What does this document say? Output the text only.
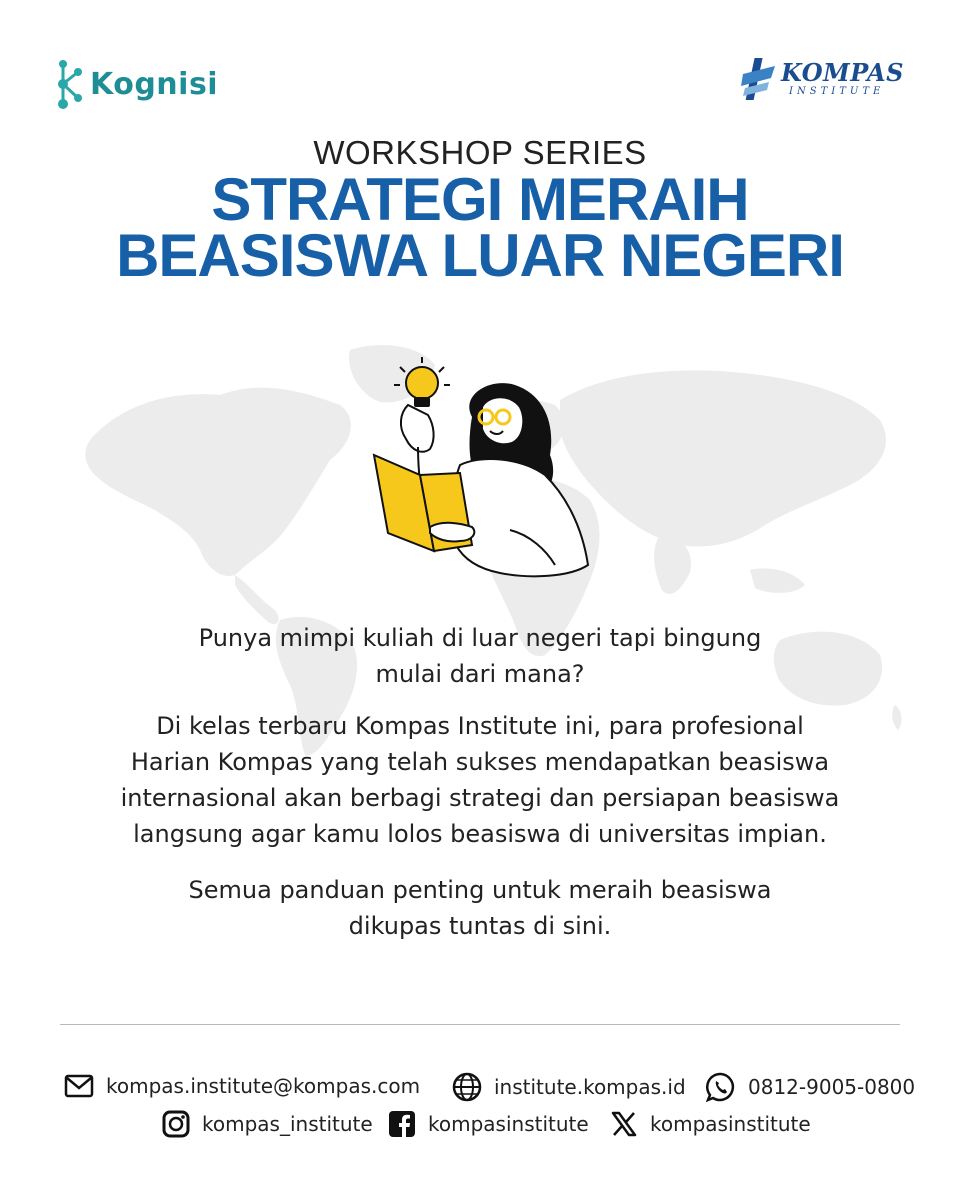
Kognisi	KOMPAS
INSTITUTE
WORKSHOP SERIES
STRATEGI MERAIH
BEASISWA LUAR NEGERI
Punya mimpi kuliah di luar negeri tapi bingung
mulai dari mana?
Di kelas terbaru Kompas Institute ini, para profesional
Harian Kompas yang telah sukses mendapatkan beasiswa
internasional akan berbagi strategi dan persiapan beasiswa
langsung agar kamu lolos beasiswa di universitas impian.
Semua panduan penting untuk meraih beasiswa
dikupas tuntas di sini.
kompas.institute@kompas.com	institute.kompas.id	0812-9005-0800
kompas_institute	kompasinstitute	kompasinstitute
